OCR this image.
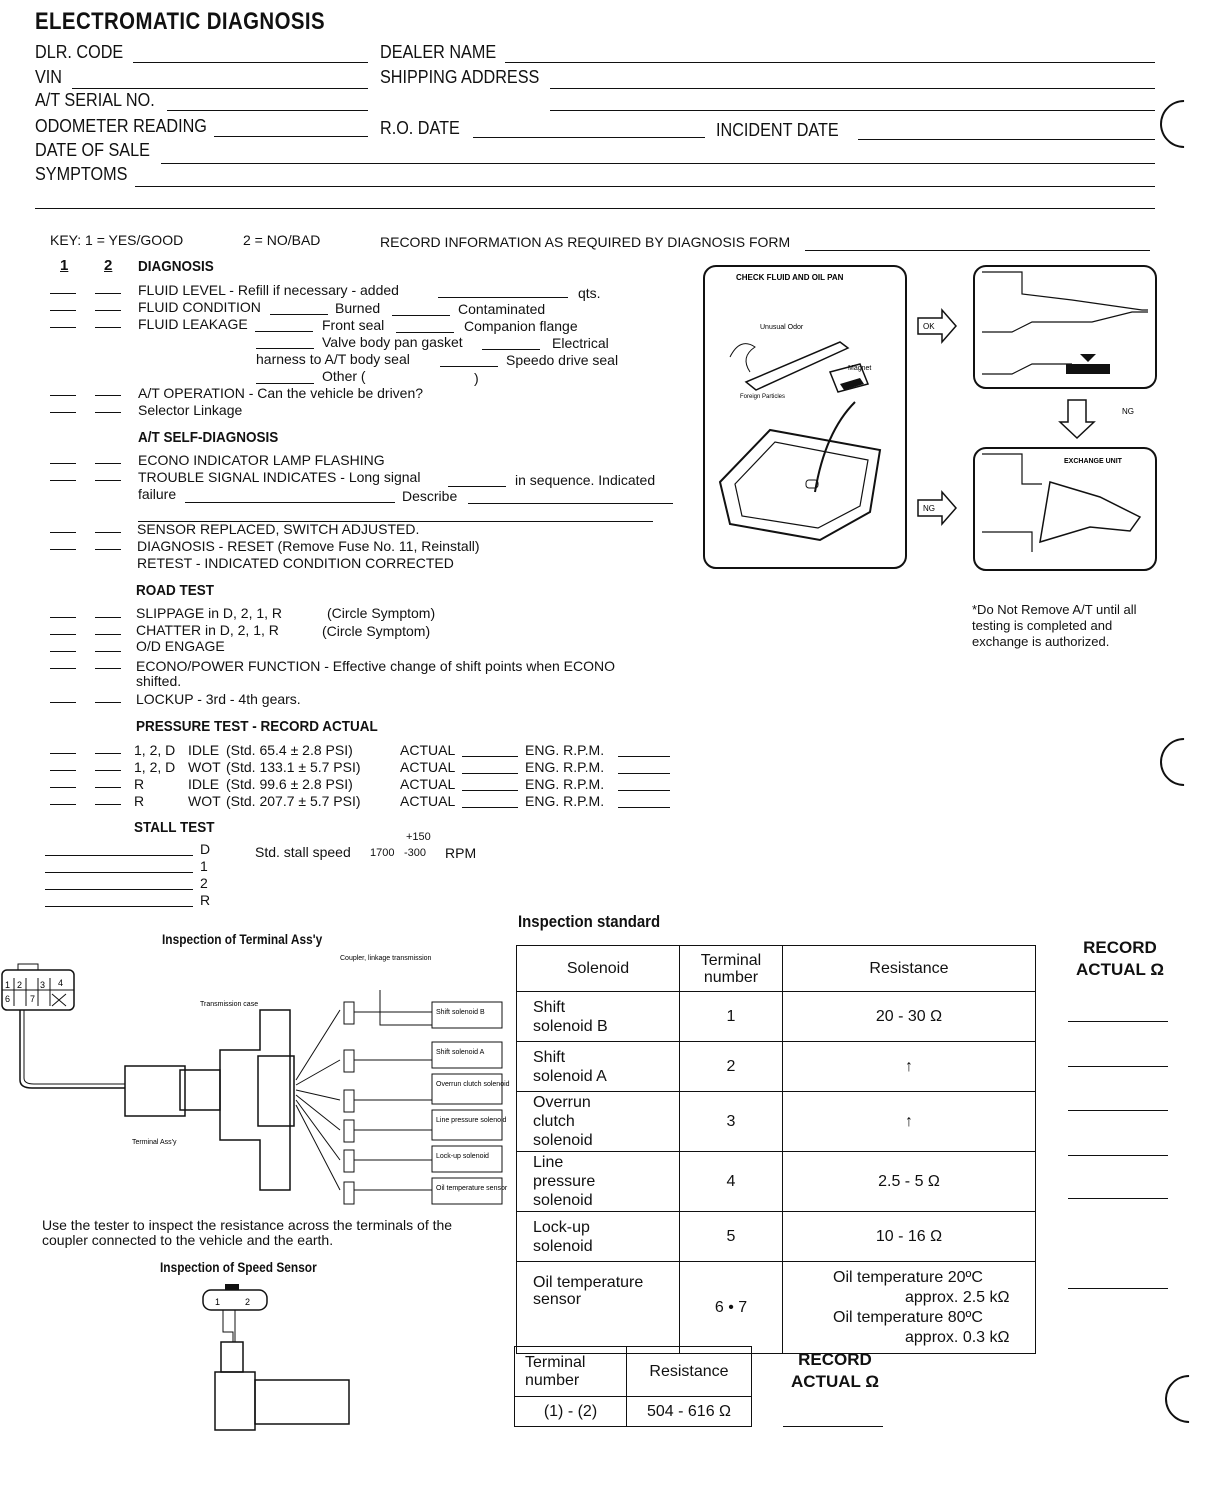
ELECTROMATIC DIAGNOSIS
DLR. CODE	DEALER NAME
VIN	SHIPPING ADDRESS
A/T SERIAL NO.
ODOMETER READING	R.O. DATE	INCIDENT DATE
DATE OF SALE
SYMPTOMS
KEY: 1 = YES/GOOD	2 = NO/BAD	RECORD INFORMATION AS REQUIRED BY DIAGNOSIS FORM
1 2 DIAGNOSIS
FLUID LEVEL - Refill if necessary - added	qts.
FLUID CONDITION	Burned	Contaminated
FLUID LEAKAGE	Front seal	Companion flange
Valve body pan gasket	Electrical
harness to A/T body seal	Speedo drive seal
Other (	)
A/T OPERATION - Can the vehicle be driven?
Selector Linkage
A/T SELF-DIAGNOSIS
ECONO INDICATOR LAMP FLASHING
TROUBLE SIGNAL INDICATES - Long signal	in sequence. Indicated
failure	Describe
SENSOR REPLACED, SWITCH ADJUSTED.
DIAGNOSIS - RESET (Remove Fuse No. 11, Reinstall)
RETEST - INDICATED CONDITION CORRECTED
ROAD TEST
SLIPPAGE in D, 2, 1, R	(Circle Symptom)
CHATTER in D, 2, 1, R	(Circle Symptom)
O/D ENGAGE
ECONO/POWER FUNCTION - Effective change of shift points when ECONO
shifted.
LOCKUP - 3rd - 4th gears.
PRESSURE TEST - RECORD ACTUAL
1, 2, D IDLE (Std. 65.4 ± 2.8 PSI)	ACTUAL	ENG. R.P.M.
1, 2, D WOT (Std. 133.1 ± 5.7 PSI)	ACTUAL	ENG. R.P.M.
R	IDLE (Std. 99.6 ± 2.8 PSI)	ACTUAL	ENG. R.P.M.
R	WOT (Std. 207.7 ± 5.7 PSI)	ACTUAL	ENG. R.P.M.
STALL TEST
D
1
2
R
Std. stall speed 1700
+150
-300 RPM
CHECK FLUID AND OIL PAN
Unusual Odor
Magnet
Foreign Particles
OK
NG
NG
EXCHANGE UNIT
*Do Not Remove A/T until all testing is completed and exchange is authorized.
Inspection of Terminal Ass'y
1 2 3 4
6 7
Transmission case
Terminal Ass'y
Coupler, linkage transmission
Shift solenoid B
Shift solenoid A
Overrun clutch solenoid
Line pressure solenoid
Lock-up solenoid
Oil temperature sensor
Use the tester to inspect the resistance across the terminals of the coupler connected to the vehicle and the earth.
Inspection of Speed Sensor
1	2
Inspection standard
Solenoid	Terminal number	Resistance
Shift solenoid B	1	20 - 30 Ω
Shift solenoid A	2	↑
Overrun clutch solenoid	3	↑
Line pressure solenoid	4	2.5 - 5 Ω
Lock-up solenoid	5	10 - 16 Ω
Oil temperature sensor	6 • 7	Oil temperature 20ºC
approx. 2.5 kΩ
Oil temperature 80ºC
approx. 0.3 kΩ
RECORD ACTUAL Ω
Terminal number	Resistance
(1) - (2)	504 - 616 Ω
RECORD ACTUAL Ω
